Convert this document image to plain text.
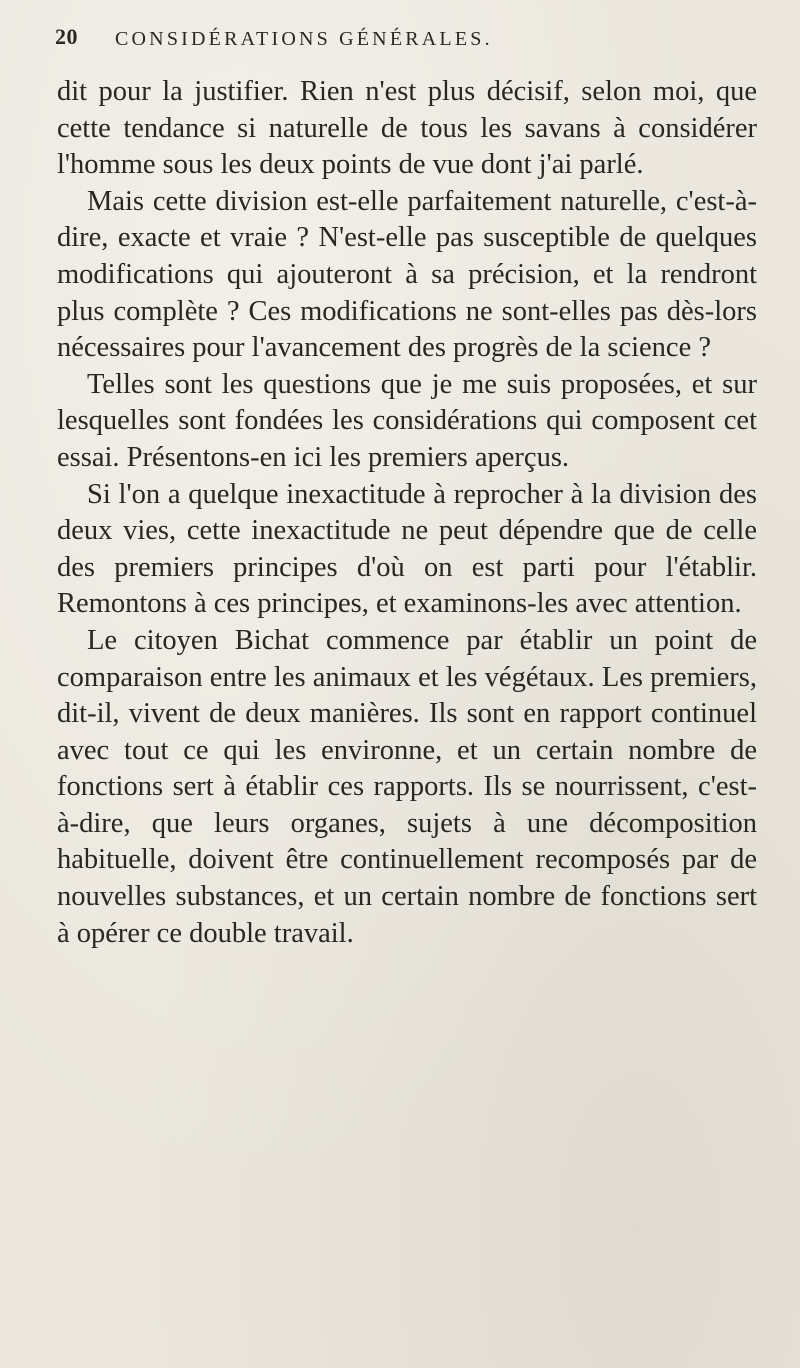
20 CONSIDÉRATIONS GÉNÉRALES.

dit pour la justifier. Rien n'est plus décisif, selon moi, que cette tendance si naturelle de tous les savans à considérer l'homme sous les deux points de vue dont j'ai parlé.

Mais cette division est-elle parfaitement naturelle, c'est-à-dire, exacte et vraie ? N'est-elle pas susceptible de quelques modifications qui ajouteront à sa précision, et la rendront plus complète ? Ces modifications ne sont-elles pas dès-lors nécessaires pour l'avancement des progrès de la science ?

Telles sont les questions que je me suis proposées, et sur lesquelles sont fondées les considérations qui composent cet essai. Présentons-en ici les premiers aperçus.

Si l'on a quelque inexactitude à reprocher à la division des deux vies, cette inexactitude ne peut dépendre que de celle des premiers principes d'où on est parti pour l'établir. Remontons à ces principes, et examinons-les avec attention.

Le citoyen Bichat commence par établir un point de comparaison entre les animaux et les végétaux. Les premiers, dit-il, vivent de deux manières. Ils sont en rapport continuel avec tout ce qui les environne, et un certain nombre de fonctions sert à établir ces rapports. Ils se nourrissent, c'est-à-dire, que leurs organes, sujets à une décomposition habituelle, doivent être continuellement recomposés par de nouvelles substances, et un certain nombre de fonctions sert à opérer ce double travail.
